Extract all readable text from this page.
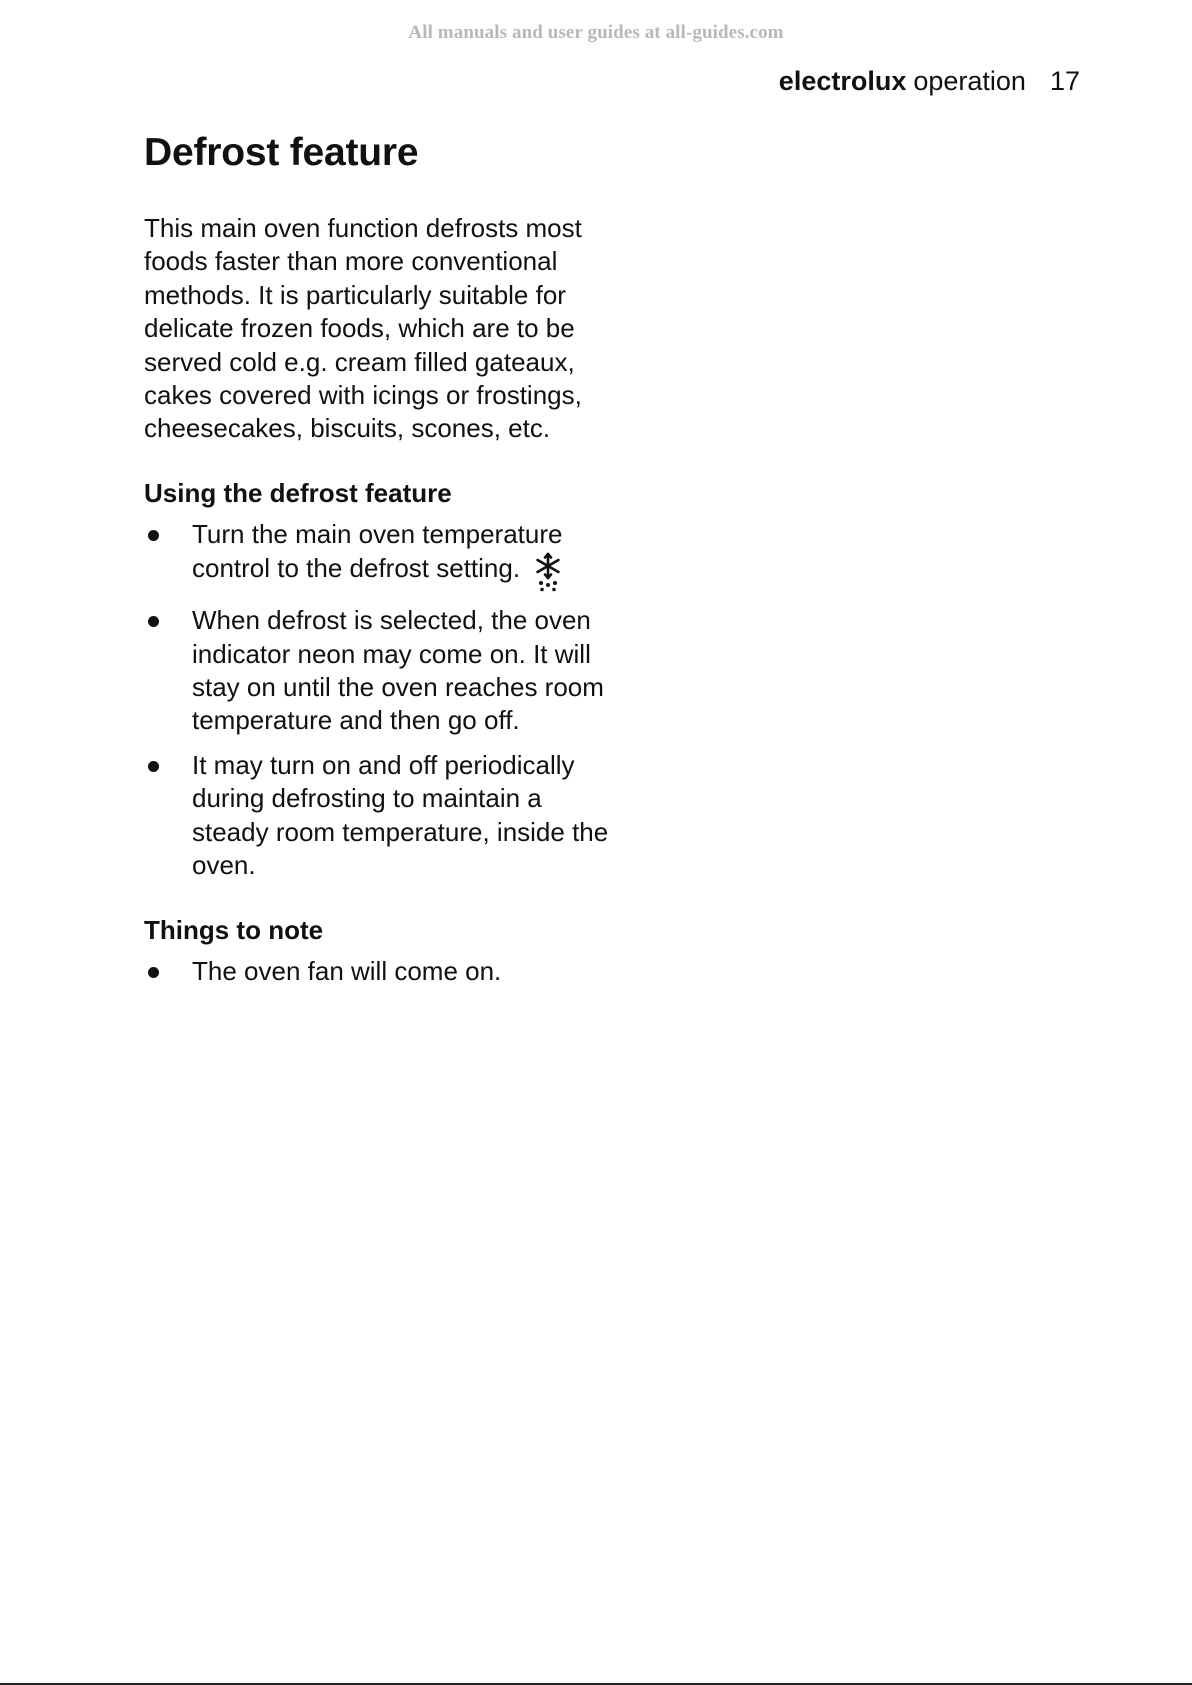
All manuals and user guides at all-guides.com
electrolux operation 17
Defrost feature

This main oven function defrosts most foods faster than more conventional methods. It is particularly suitable for delicate frozen foods, which are to be served cold e.g. cream filled gateaux, cakes covered with icings or frostings, cheesecakes, biscuits, scones, etc.

Using the defrost feature
Turn the main oven temperature control to the defrost setting.
When defrost is selected, the oven indicator neon may come on. It will stay on until the oven reaches room temperature and then go off.
It may turn on and off periodically during defrosting to maintain a steady room temperature, inside the oven.
Things to note
The oven fan will come on.
